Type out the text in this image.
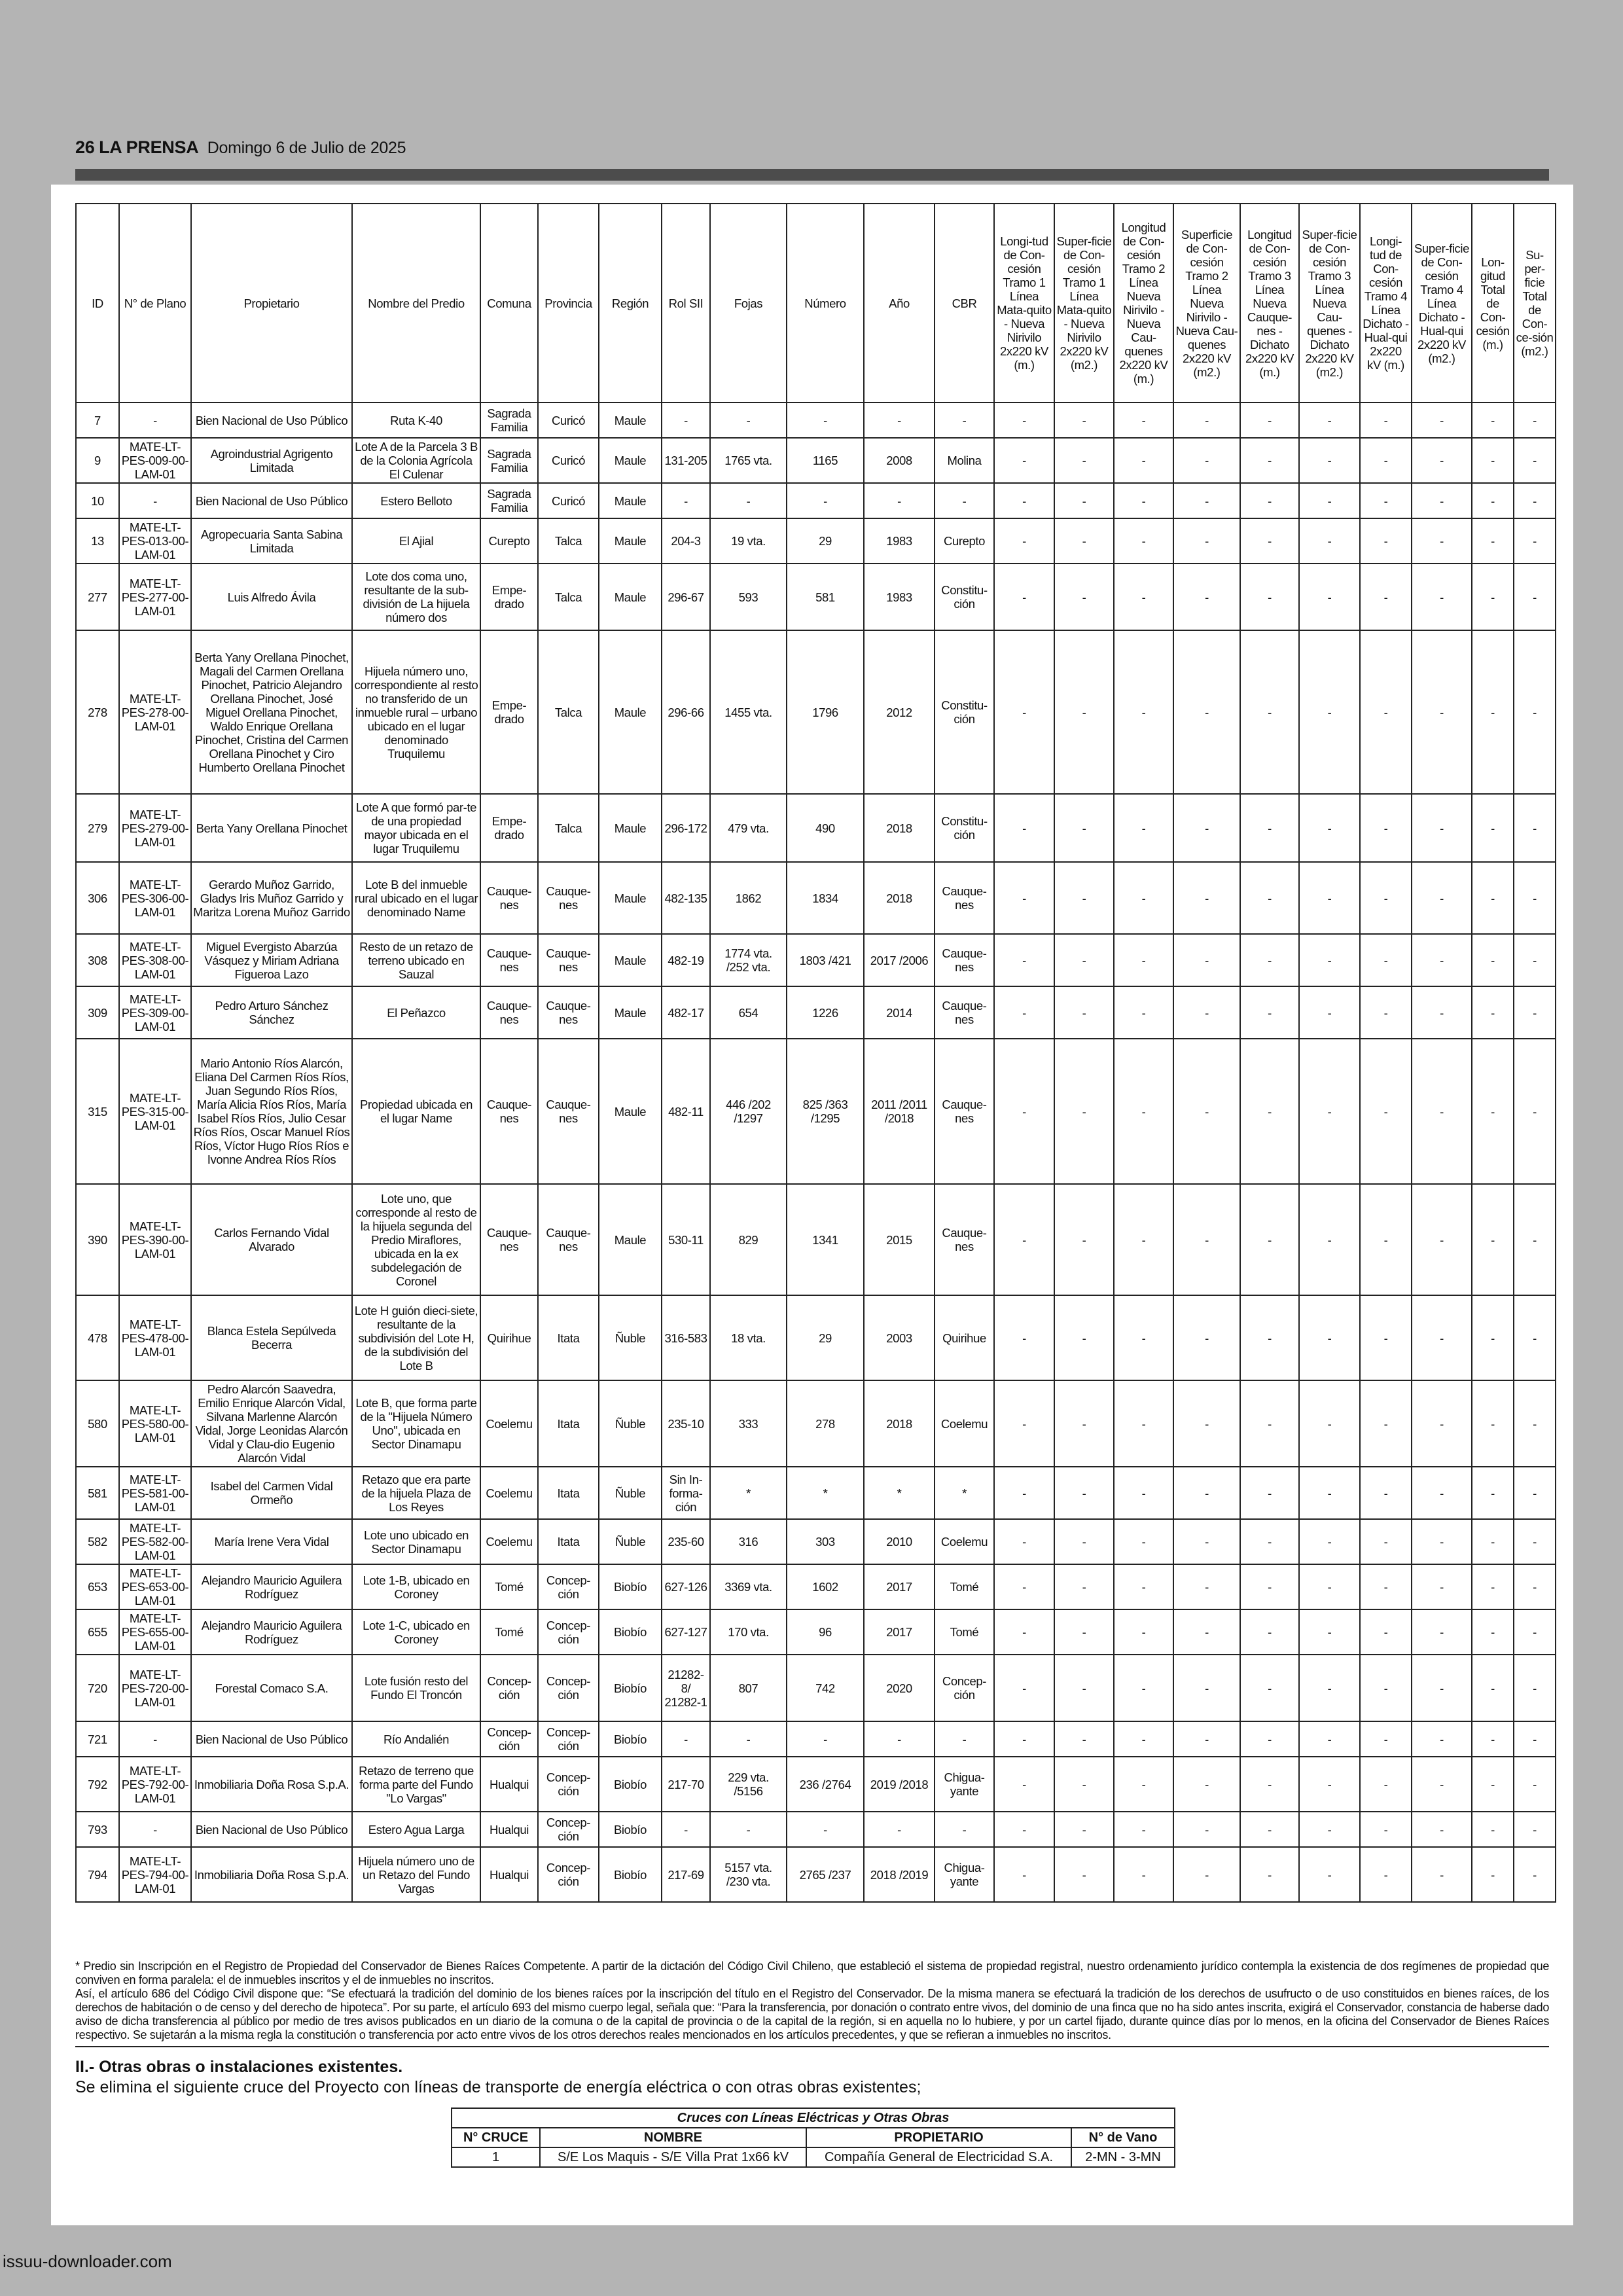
26 LA PRENSA Domingo 6 de Julio de 2025
ID	N° de Plano	Propietario	Nombre del Predio	Comuna	Provincia	Región	Rol SII	Fojas	Número	Año	CBR	Longi-tud de Con-cesión Tramo 1 Línea Mata-quito - Nueva Nirivilo 2x220 kV (m.)	Super-ficie de Con-cesión Tramo 1 Línea Mata-quito - Nueva Nirivilo 2x220 kV (m2.)	Longitud de Con-cesión Tramo 2 Línea Nueva Nirivilo - Nueva Cau-quenes 2x220 kV (m.)	Superficie de Con-cesión Tramo 2 Línea Nueva Nirivilo - Nueva Cau-quenes 2x220 kV (m2.)	Longitud de Con-cesión Tramo 3 Línea Nueva Cauque-nes - Dichato 2x220 kV (m.)	Super-ficie de Con-cesión Tramo 3 Línea Nueva Cau-quenes - Dichato 2x220 kV (m2.)	Longi-tud de Con-cesión Tramo 4 Línea Dichato - Hual-qui 2x220 kV (m.)	Super-ficie de Con-cesión Tramo 4 Línea Dichato - Hual-qui 2x220 kV (m2.)	Lon-gitud Total de Con-cesión (m.)	Su-per-ficie Total de Con-ce-sión (m2.)
7	-	Bien Nacional de Uso Público	Ruta K-40	Sagrada Familia	Curicó	Maule	-	-	-	-	-	-	-	-	-	-	-	-	-	-	-
9	MATE-LT-PES-009-00-LAM-01	Agroindustrial Agrigento Limitada	Lote A de la Parcela 3 B de la Colonia Agrícola El Culenar	Sagrada Familia	Curicó	Maule	131-205	1765 vta.	1165	2008	Molina	-	-	-	-	-	-	-	-	-	-
10	-	Bien Nacional de Uso Público	Estero Belloto	Sagrada Familia	Curicó	Maule	-	-	-	-	-	-	-	-	-	-	-	-	-	-	-
13	MATE-LT-PES-013-00-LAM-01	Agropecuaria Santa Sabina Limitada	El Ajial	Curepto	Talca	Maule	204-3	19 vta.	29	1983	Curepto	-	-	-	-	-	-	-	-	-	-
277	MATE-LT-PES-277-00-LAM-01	Luis Alfredo Ávila	Lote dos coma uno, resultante de la sub-división de La hijuela número dos	Empe-drado	Talca	Maule	296-67	593	581	1983	Constitu-ción	-	-	-	-	-	-	-	-	-	-
278	MATE-LT-PES-278-00-LAM-01	Berta Yany Orellana Pinochet, Magali del Carmen Orellana Pinochet, Patricio Alejandro Orellana Pinochet, José Miguel Orellana Pinochet, Waldo Enrique Orellana Pinochet, Cristina del Carmen Orellana Pinochet y Ciro Humberto Orellana Pinochet	Hijuela número uno, correspondiente al resto no transferido de un inmueble rural – urbano ubicado en el lugar denominado Truquilemu	Empe-drado	Talca	Maule	296-66	1455 vta.	1796	2012	Constitu-ción	-	-	-	-	-	-	-	-	-	-
279	MATE-LT-PES-279-00-LAM-01	Berta Yany Orellana Pinochet	Lote A que formó par-te de una propiedad mayor ubicada en el lugar Truquilemu	Empe-drado	Talca	Maule	296-172	479 vta.	490	2018	Constitu-ción	-	-	-	-	-	-	-	-	-	-
306	MATE-LT-PES-306-00-LAM-01	Gerardo Muñoz Garrido, Gladys Iris Muñoz Garrido y Maritza Lorena Muñoz Garrido	Lote B del inmueble rural ubicado en el lugar denominado Name	Cauque-nes	Cauque-nes	Maule	482-135	1862	1834	2018	Cauque-nes	-	-	-	-	-	-	-	-	-	-
308	MATE-LT-PES-308-00-LAM-01	Miguel Evergisto Abarzúa Vásquez y Miriam Adriana Figueroa Lazo	Resto de un retazo de terreno ubicado en Sauzal	Cauque-nes	Cauque-nes	Maule	482-19	1774 vta. /252 vta.	1803 /421	2017 /2006	Cauque-nes	-	-	-	-	-	-	-	-	-	-
309	MATE-LT-PES-309-00-LAM-01	Pedro Arturo Sánchez Sánchez	El Peñazco	Cauque-nes	Cauque-nes	Maule	482-17	654	1226	2014	Cauque-nes	-	-	-	-	-	-	-	-	-	-
315	MATE-LT-PES-315-00-LAM-01	Mario Antonio Ríos Alarcón, Eliana Del Carmen Ríos Ríos, Juan Segundo Ríos Ríos, María Alicia Ríos Ríos, María Isabel Ríos Ríos, Julio Cesar Ríos Ríos, Oscar Manuel Ríos Ríos, Víctor Hugo Ríos Ríos e Ivonne Andrea Ríos Ríos	Propiedad ubicada en el lugar Name	Cauque-nes	Cauque-nes	Maule	482-11	446 /202 /1297	825 /363 /1295	2011 /2011 /2018	Cauque-nes	-	-	-	-	-	-	-	-	-	-
390	MATE-LT-PES-390-00-LAM-01	Carlos Fernando Vidal Alvarado	Lote uno, que corresponde al resto de la hijuela segunda del Predio Miraflores, ubicada en la ex subdelegación de Coronel	Cauque-nes	Cauque-nes	Maule	530-11	829	1341	2015	Cauque-nes	-	-	-	-	-	-	-	-	-	-
478	MATE-LT-PES-478-00-LAM-01	Blanca Estela Sepúlveda Becerra	Lote H guión dieci-siete, resultante de la subdivisión del Lote H, de la subdivisión del Lote B	Quirihue	Itata	Ñuble	316-583	18 vta.	29	2003	Quirihue	-	-	-	-	-	-	-	-	-	-
580	MATE-LT-PES-580-00-LAM-01	Pedro Alarcón Saavedra, Emilio Enrique Alarcón Vidal, Silvana Marlenne Alarcón Vidal, Jorge Leonidas Alarcón Vidal y Clau-dio Eugenio Alarcón Vidal	Lote B, que forma parte de la "Hijuela Número Uno", ubicada en Sector Dinamapu	Coelemu	Itata	Ñuble	235-10	333	278	2018	Coelemu	-	-	-	-	-	-	-	-	-	-
581	MATE-LT-PES-581-00-LAM-01	Isabel del Carmen Vidal Ormeño	Retazo que era parte de la hijuela Plaza de Los Reyes	Coelemu	Itata	Ñuble	Sin In-forma-ción	*	*	*	*	-	-	-	-	-	-	-	-	-	-
582	MATE-LT-PES-582-00-LAM-01	María Irene Vera Vidal	Lote uno ubicado en Sector Dinamapu	Coelemu	Itata	Ñuble	235-60	316	303	2010	Coelemu	-	-	-	-	-	-	-	-	-	-
653	MATE-LT-PES-653-00-LAM-01	Alejandro Mauricio Aguilera Rodríguez	Lote 1-B, ubicado en Coroney	Tomé	Concep-ción	Biobío	627-126	3369 vta.	1602	2017	Tomé	-	-	-	-	-	-	-	-	-	-
655	MATE-LT-PES-655-00-LAM-01	Alejandro Mauricio Aguilera Rodríguez	Lote 1-C, ubicado en Coroney	Tomé	Concep-ción	Biobío	627-127	170 vta.	96	2017	Tomé	-	-	-	-	-	-	-	-	-	-
720	MATE-LT-PES-720-00-LAM-01	Forestal Comaco S.A.	Lote fusión resto del Fundo El Troncón	Concep-ción	Concep-ción	Biobío	21282-8/ 21282-1	807	742	2020	Concep-ción	-	-	-	-	-	-	-	-	-	-
721	-	Bien Nacional de Uso Público	Río Andalién	Concep-ción	Concep-ción	Biobío	-	-	-	-	-	-	-	-	-	-	-	-	-	-	-
792	MATE-LT-PES-792-00-LAM-01	Inmobiliaria Doña Rosa S.p.A.	Retazo de terreno que forma parte del Fundo "Lo Vargas"	Hualqui	Concep-ción	Biobío	217-70	229 vta. /5156	236 /2764	2019 /2018	Chigua-yante	-	-	-	-	-	-	-	-	-	-
793	-	Bien Nacional de Uso Público	Estero Agua Larga	Hualqui	Concep-ción	Biobío	-	-	-	-	-	-	-	-	-	-	-	-	-	-	-
794	MATE-LT-PES-794-00-LAM-01	Inmobiliaria Doña Rosa S.p.A.	Hijuela número uno de un Retazo del Fundo Vargas	Hualqui	Concep-ción	Biobío	217-69	5157 vta. /230 vta.	2765 /237	2018 /2019	Chigua-yante	-	-	-	-	-	-	-	-	-	-

* Predio sin Inscripción en el Registro de Propiedad del Conservador de Bienes Raíces Competente. A partir de la dictación del Código Civil Chileno, que estableció el sistema de propiedad registral, nuestro ordenamiento jurídico contempla la existencia de dos regímenes de propiedad que conviven en forma paralela: el de inmuebles inscritos y el de inmuebles no inscritos.

Así, el artículo 686 del Código Civil dispone que: “Se efectuará la tradición del dominio de los bienes raíces por la inscripción del título en el Registro del Conservador. De la misma manera se efectuará la tradición de los derechos de usufructo o de uso constituidos en bienes raíces, de los derechos de habitación o de censo y del derecho de hipoteca”. Por su parte, el artículo 693 del mismo cuerpo legal, señala que: “Para la transferencia, por donación o contrato entre vivos, del dominio de una finca que no ha sido antes inscrita, exigirá el Conservador, constancia de haberse dado aviso de dicha transferencia al público por medio de tres avisos publicados en un diario de la comuna o de la capital de provincia o de la capital de la región, si en aquella no lo hubiere, y por un cartel fijado, durante quince días por lo menos, en la oficina del Conservador de Bienes Raíces respectivo. Se sujetarán a la misma regla la constitución o transferencia por acto entre vivos de los otros derechos reales mencionados en los artículos precedentes, y que se refieran a inmuebles no inscritos.

II.- Otras obras o instalaciones existentes.
Se elimina el siguiente cruce del Proyecto con líneas de transporte de energía eléctrica o con otras obras existentes;
Cruces con Líneas Eléctricas y Otras Obras			
N° CRUCE	NOMBRE	PROPIETARIO	N° de Vano
1	S/E Los Maquis - S/E Villa Prat 1x66 kV	Compañía General de Electricidad S.A.	2-MN - 3-MN
issuu-downloader.com
